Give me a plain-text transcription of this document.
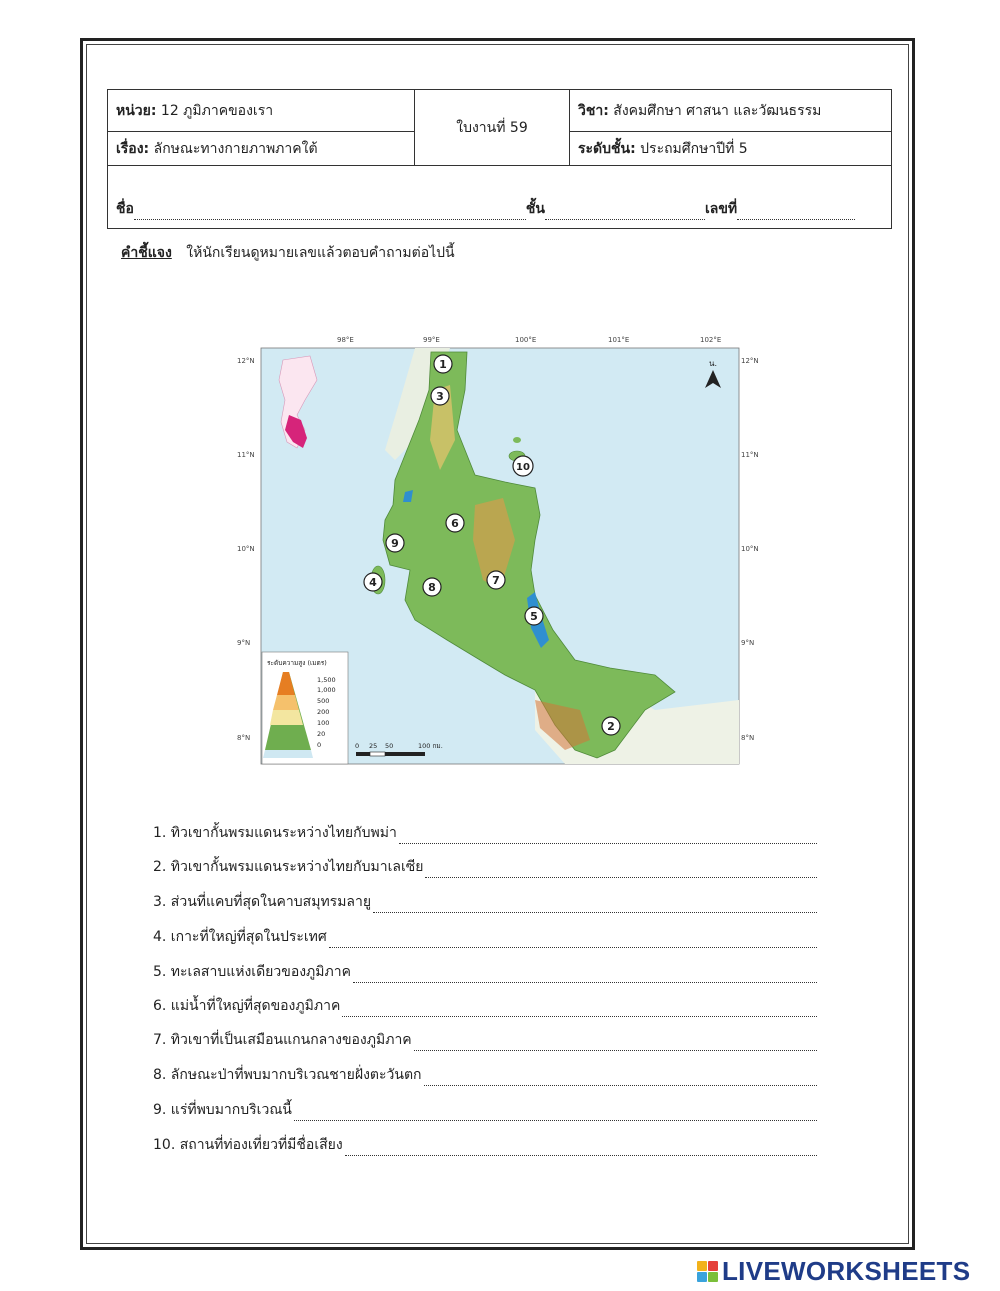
หน่วย: 12 ภูมิภาคของเรา	ใบงานที่ 59	วิชา: สังคมศึกษา ศาสนา และวัฒนธรรม
เรื่อง: ลักษณะทางกายภาพภาคใต้		ระดับชั้น: ประถมศึกษาปีที่ 5
ชื่อ ชั้น เลขที่		
คำชี้แจง ให้นักเรียนดูหมายเลขแล้วตอบคำถามต่อไปนี้
98°E	99°E	100°E	101°E	102°E
12°N
11°N
10°N
9°N
8°N
12°N
11°N
10°N
9°N
8°N
น.
1
2
3
4
5
6
7
8
9
10
ระดับความสูง (เมตร)
1,500
1,000
500
200
100
20
0	0 25 50	100 กม.
1. ทิวเขากั้นพรมแดนระหว่างไทยกับพม่า
2. ทิวเขากั้นพรมแดนระหว่างไทยกับมาเลเซีย
3. ส่วนที่แคบที่สุดในคาบสมุทรมลายู
4. เกาะที่ใหญ่ที่สุดในประเทศ
5. ทะเลสาบแห่งเดียวของภูมิภาค
6. แม่น้ำที่ใหญ่ที่สุดของภูมิภาค
7. ทิวเขาที่เป็นเสมือนแกนกลางของภูมิภาค
8. ลักษณะป่าที่พบมากบริเวณชายฝั่งตะวันตก
9. แร่ที่พบมากบริเวณนี้
10. สถานที่ท่องเที่ยวที่มีชื่อเสียง
LIVEWORKSHEETS
